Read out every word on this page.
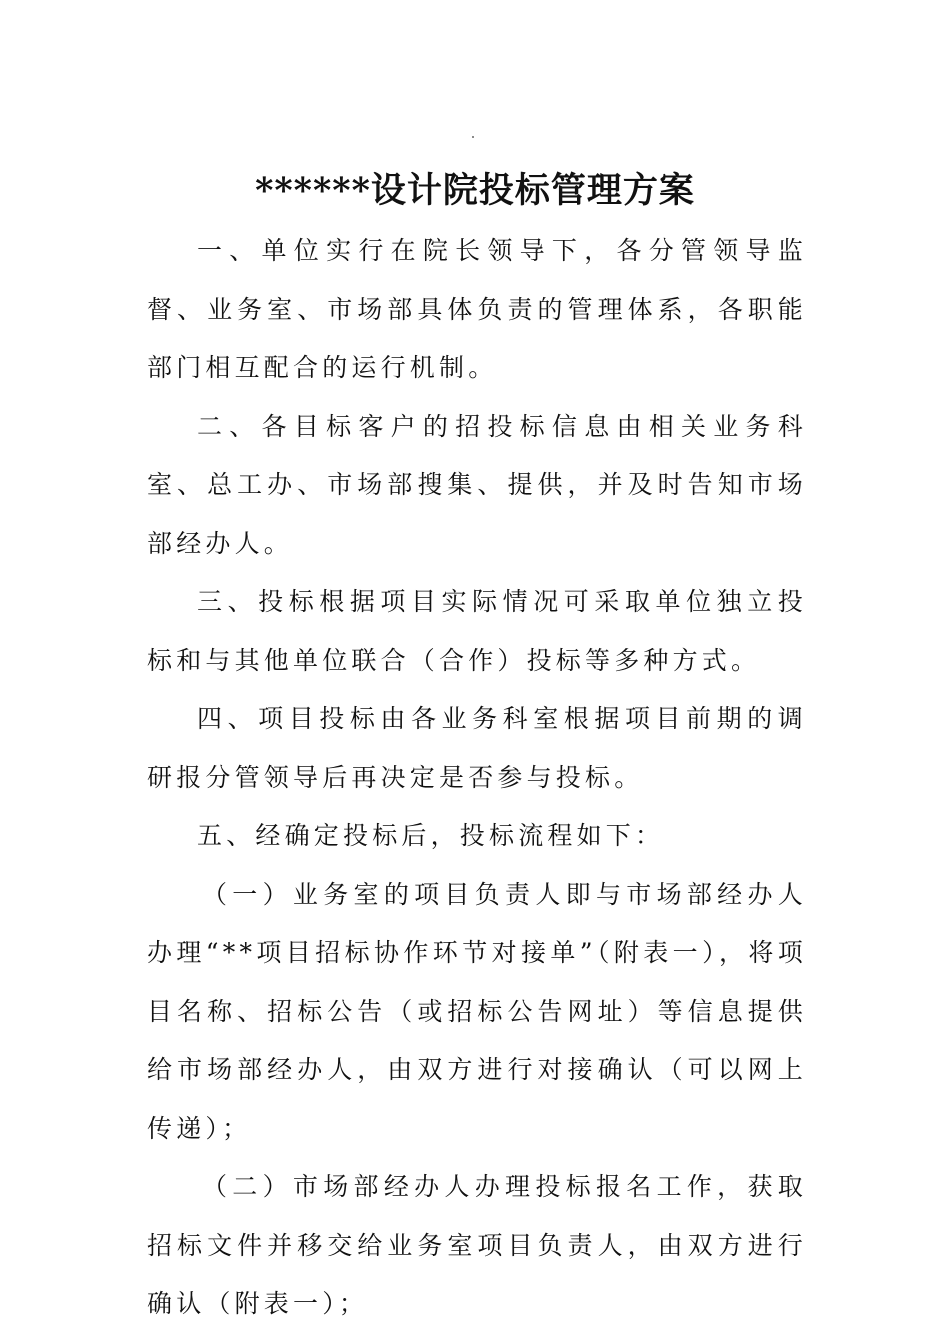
******设计院投标管理方案

一、单位实行在院长领导下，各分管领导监督、业务室、市场部具体负责的管理体系，各职能部门相互配合的运行机制。

二、各目标客户的招投标信息由相关业务科室、总工办、市场部搜集、提供，并及时告知市场部经办人。

三、投标根据项目实际情况可采取单位独立投标和与其他单位联合（合作）投标等多种方式。

四、项目投标由各业务科室根据项目前期的调研报分管领导后再决定是否参与投标。

五、经确定投标后，投标流程如下：

（一）业务室的项目负责人即与市场部经办人办理“**项目招标协作环节对接单”（附表一），将项目名称、招标公告（或招标公告网址）等信息提供给市场部经办人，由双方进行对接确认（可以网上传递）；

（二）市场部经办人办理投标报名工作，获取招标文件并移交给业务室项目负责人，由双方进行确认（附表一）；
